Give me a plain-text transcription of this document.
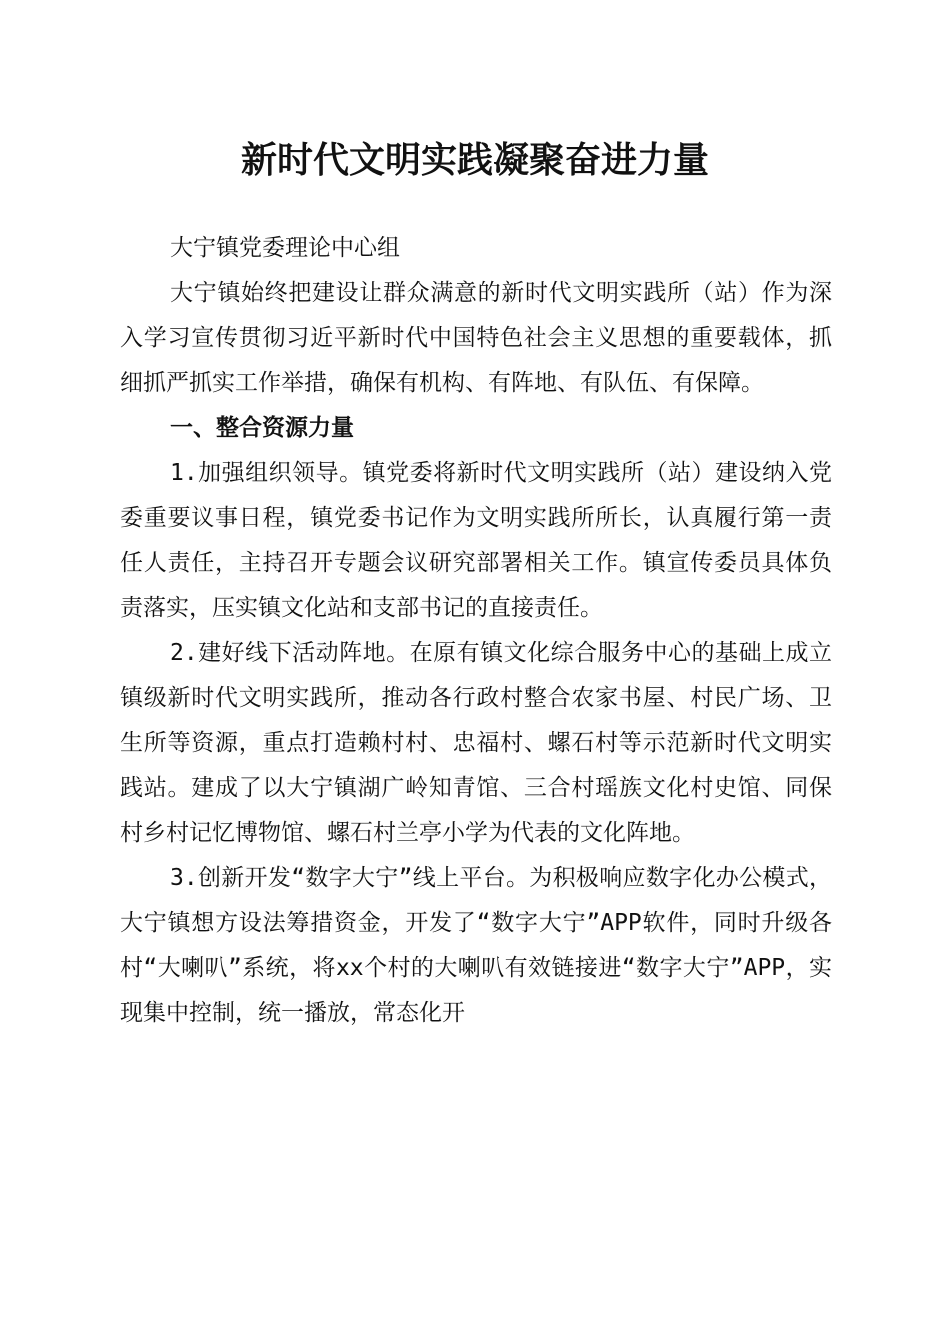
新时代文明实践凝聚奋进力量

大宁镇党委理论中心组

大宁镇始终把建设让群众满意的新时代文明实践所（站）作为深入学习宣传贯彻习近平新时代中国特色社会主义思想的重要载体，抓细抓严抓实工作举措，确保有机构、有阵地、有队伍、有保障。

一、整合资源力量

1.加强组织领导。镇党委将新时代文明实践所（站）建设纳入党委重要议事日程，镇党委书记作为文明实践所所长，认真履行第一责任人责任，主持召开专题会议研究部署相关工作。镇宣传委员具体负责落实，压实镇文化站和支部书记的直接责任。

2.建好线下活动阵地。在原有镇文化综合服务中心的基础上成立镇级新时代文明实践所，推动各行政村整合农家书屋、村民广场、卫生所等资源，重点打造赖村村、忠福村、螺石村等示范新时代文明实践站。建成了以大宁镇湖广岭知青馆、三合村瑶族文化村史馆、同保村乡村记忆博物馆、螺石村兰亭小学为代表的文化阵地。

3.创新开发“数字大宁”线上平台。为积极响应数字化办公模式，大宁镇想方设法筹措资金，开发了“数字大宁”APP软件，同时升级各村“大喇叭”系统，将xx个村的大喇叭有效链接进“数字大宁”APP，实现集中控制，统一播放，常态化开
